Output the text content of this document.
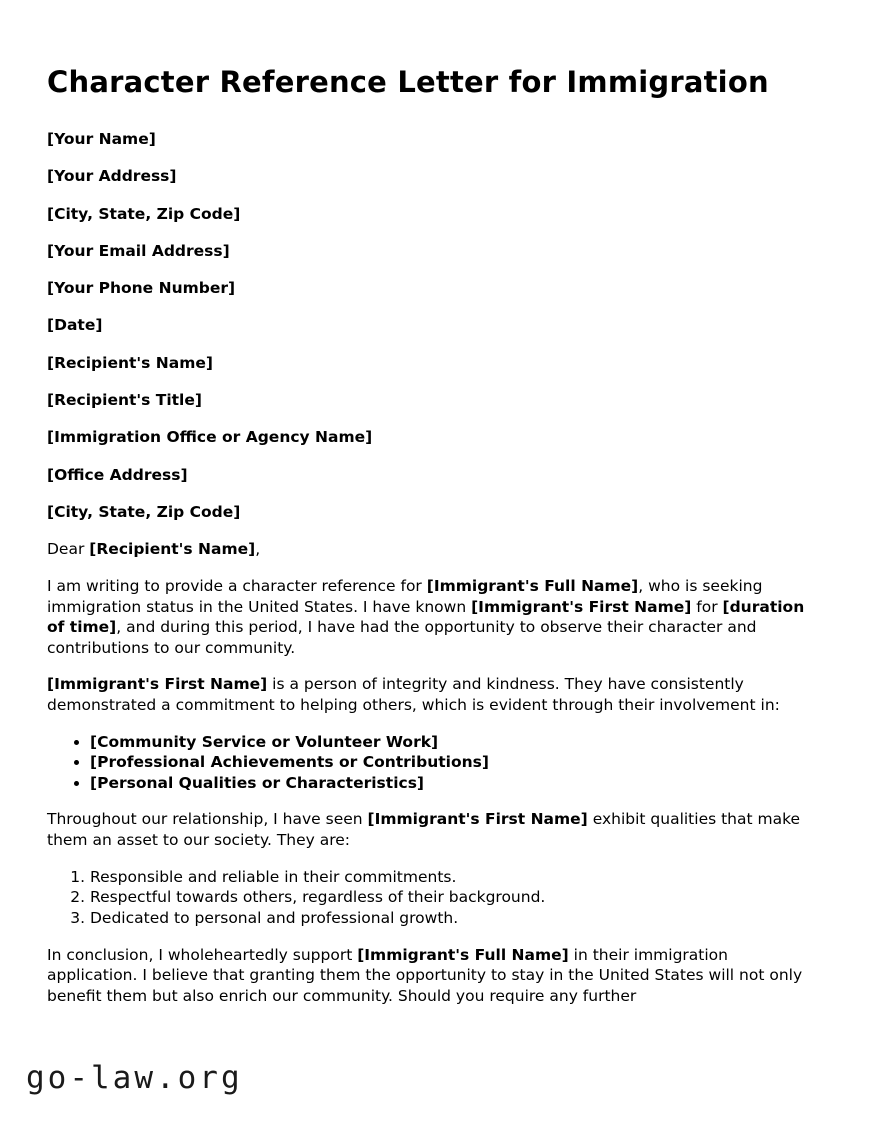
Character Reference Letter for Immigration

[Your Name]

[Your Address]

[City, State, Zip Code]

[Your Email Address]

[Your Phone Number]

[Date]

[Recipient's Name]

[Recipient's Title]

[Immigration Office or Agency Name]

[Office Address]

[City, State, Zip Code]

Dear [Recipient's Name],

I am writing to provide a character reference for [Immigrant's Full Name], who is seeking immigration status in the United States. I have known [Immigrant's First Name] for [duration of time], and during this period, I have had the opportunity to observe their character and contributions to our community.

[Immigrant's First Name] is a person of integrity and kindness. They have consistently demonstrated a commitment to helping others, which is evident through their involvement in:

• [Community Service or Volunteer Work]
• [Professional Achievements or Contributions]
• [Personal Qualities or Characteristics]

Throughout our relationship, I have seen [Immigrant's First Name] exhibit qualities that make them an asset to our society. They are:

1. Responsible and reliable in their commitments.
2. Respectful towards others, regardless of their background.
3. Dedicated to personal and professional growth.

In conclusion, I wholeheartedly support [Immigrant's Full Name] in their immigration application. I believe that granting them the opportunity to stay in the United States will not only benefit them but also enrich our community. Should you require any further

go-law.org
